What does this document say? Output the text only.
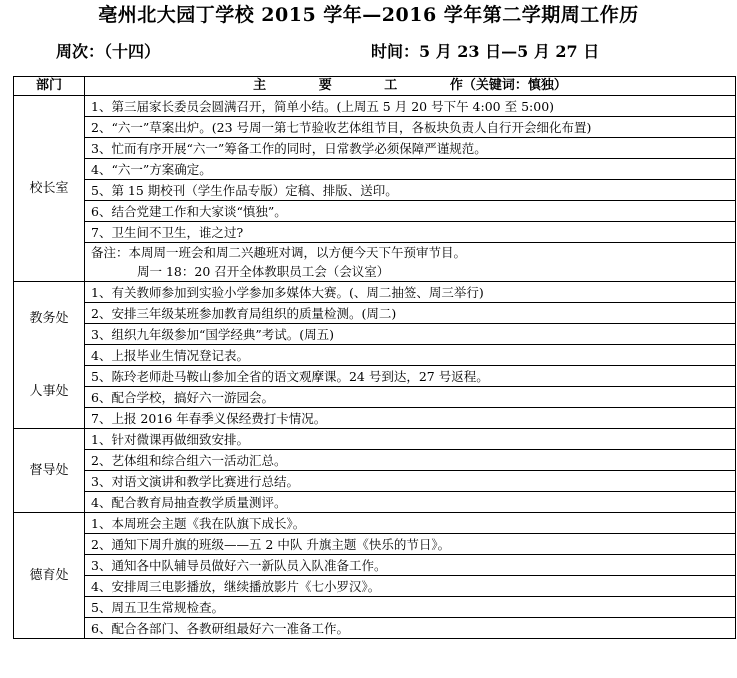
亳州北大园丁学校 2015 学年—2016 学年第二学期周工作历
周次：（十四）	时间：5 月 23 日—5 月 27 日
部门	主 要 工 作（关键词：慎独）
校长室	1、第三届家长委员会圆满召开，简单小结。(上周五 5 月 20 号下午 4:00 至 5:00)
	2、“六一”草案出炉。(23 号周一第七节验收艺体组节目，各板块负责人自行开会细化布置)
	3、忙而有序开展“六一”筹备工作的同时，日常教学必须保障严谨规范。
	4、“六一”方案确定。
	5、第 15 期校刊（学生作品专版）定稿、排版、送印。
	6、结合党建工作和大家谈“慎独”。
	7、卫生间不卫生，谁之过?

	备注：本周周一班会和周二兴趣班对调，以方便今天下午预审节目。
周一 18：20 召开全体教职员工会（会议室）

教务处
人事处	1、有关教师参加到实验小学参加多媒体大赛。(、周二抽签、周三举行)
	2、安排三年级某班参加教育局组织的质量检测。(周二)
	3、组织九年级参加“国学经典”考试。(周五)
	4、上报毕业生情况登记表。
	5、陈玲老师赴马鞍山参加全省的语文观摩课。24 号到达，27 号返程。
	6、配合学校，搞好六一游园会。
	7、上报 2016 年春季义保经费打卡情况。
督导处	1、针对微课再做细致安排。
	2、艺体组和综合组六一活动汇总。
	3、对语文演讲和教学比赛进行总结。
	4、配合教育局抽查教学质量测评。
德育处	1、本周班会主题《我在队旗下成长》。
	2、通知下周升旗的班级——五 2 中队 升旗主题《快乐的节日》。
	3、通知各中队辅导员做好六一新队员入队准备工作。
	4、安排周三电影播放，继续播放影片《七小罗汉》。
	5、周五卫生常规检查。
	6、配合各部门、各教研组最好六一准备工作。
